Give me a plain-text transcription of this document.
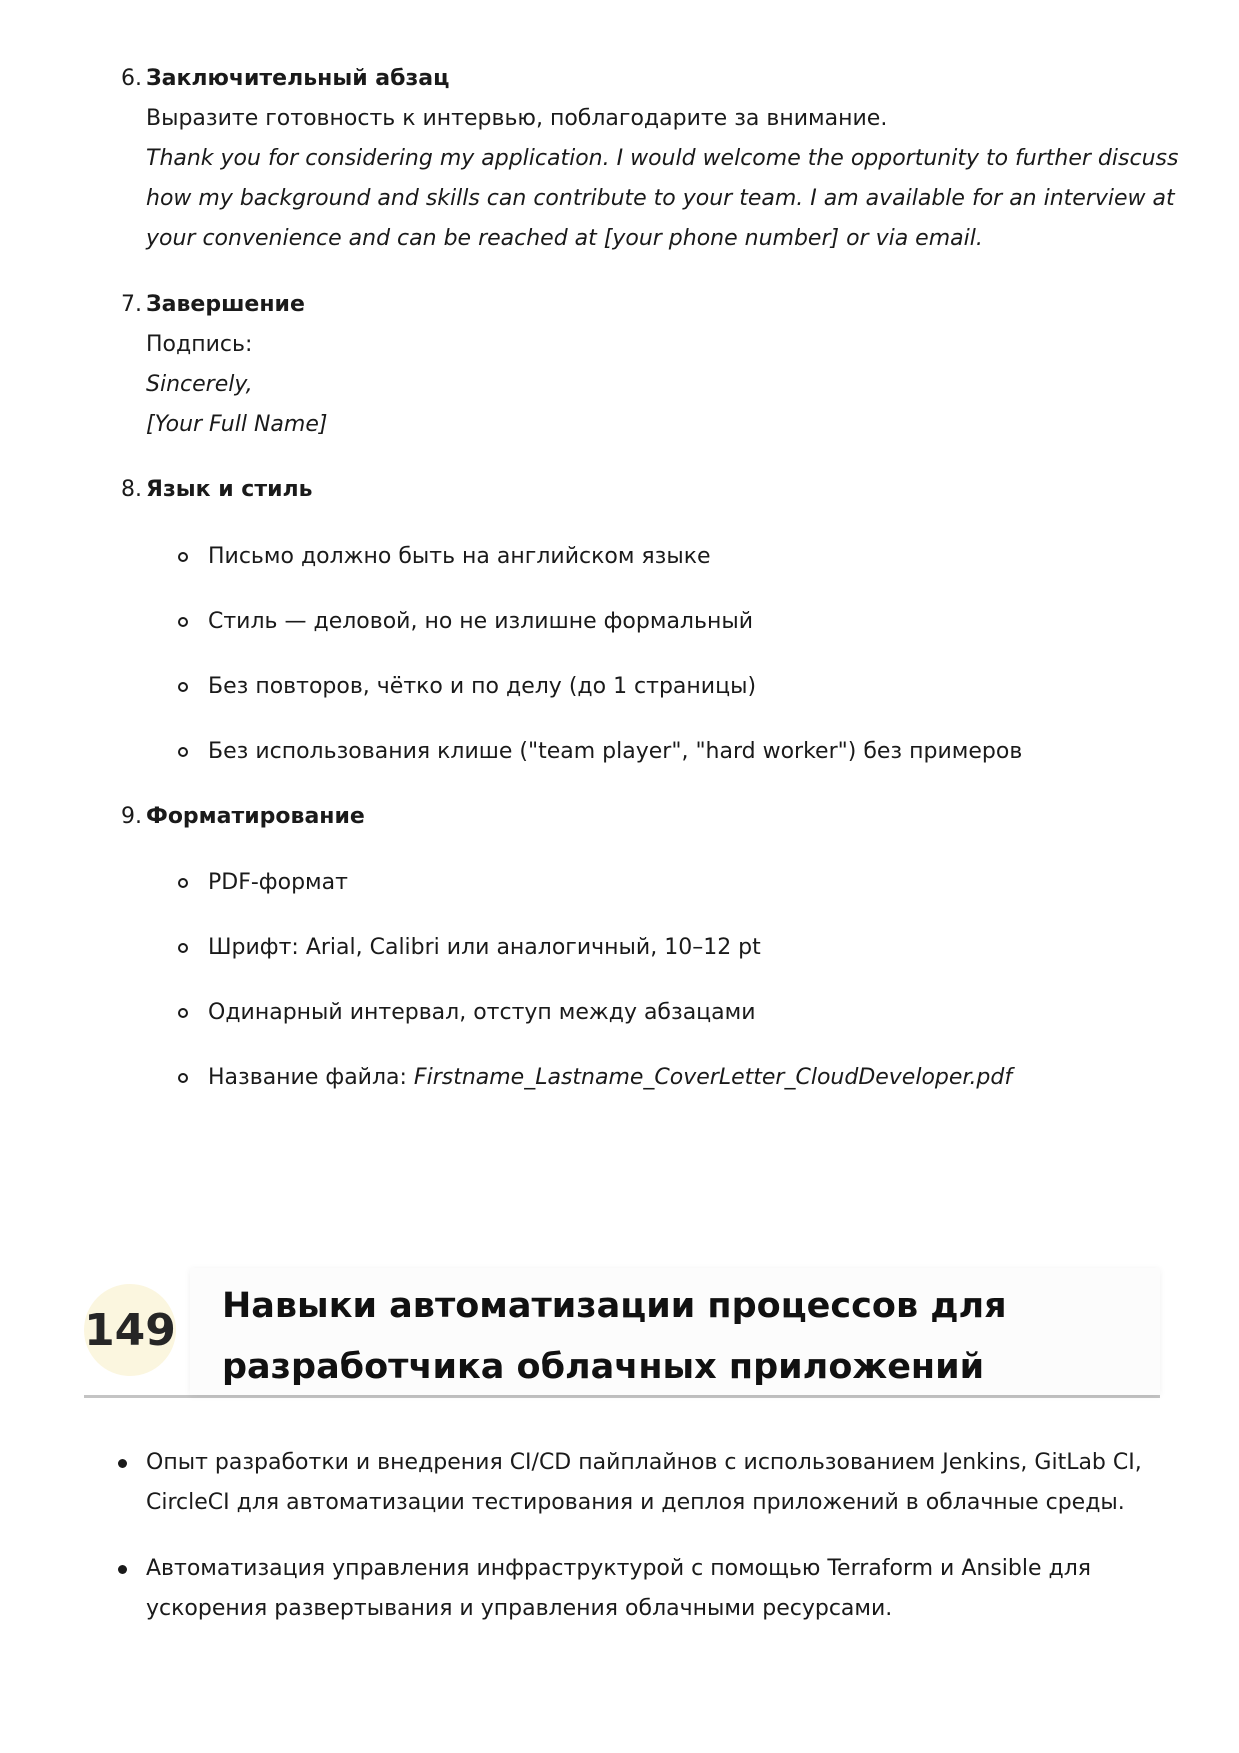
6. Заключительный абзац
Выразите готовность к интервью, поблагодарите за внимание.
Thank you for considering my application. I would welcome the opportunity to further discuss
how my background and skills can contribute to your team. I am available for an interview at
your convenience and can be reached at [your phone number] or via email.
7. Завершение
Подпись:
Sincerely,
[Your Full Name]
8. Язык и стиль
Письмо должно быть на английском языке
Стиль — деловой, но не излишне формальный
Без повторов, чётко и по делу (до 1 страницы)
Без использования клише ("team player", "hard worker") без примеров
9. Форматирование
PDF-формат
Шрифт: Arial, Calibri или аналогичный, 10–12 pt
Одинарный интервал, отступ между абзацами
Название файла: Firstname_Lastname_CoverLetter_CloudDeveloper.pdf
149 Навыки автоматизации процессов для
разработчика облачных приложений
Опыт разработки и внедрения CI/CD пайплайнов с использованием Jenkins, GitLab CI,
CircleCI для автоматизации тестирования и деплоя приложений в облачные среды.
Автоматизация управления инфраструктурой с помощью Terraform и Ansible для
ускорения развертывания и управления облачными ресурсами.
